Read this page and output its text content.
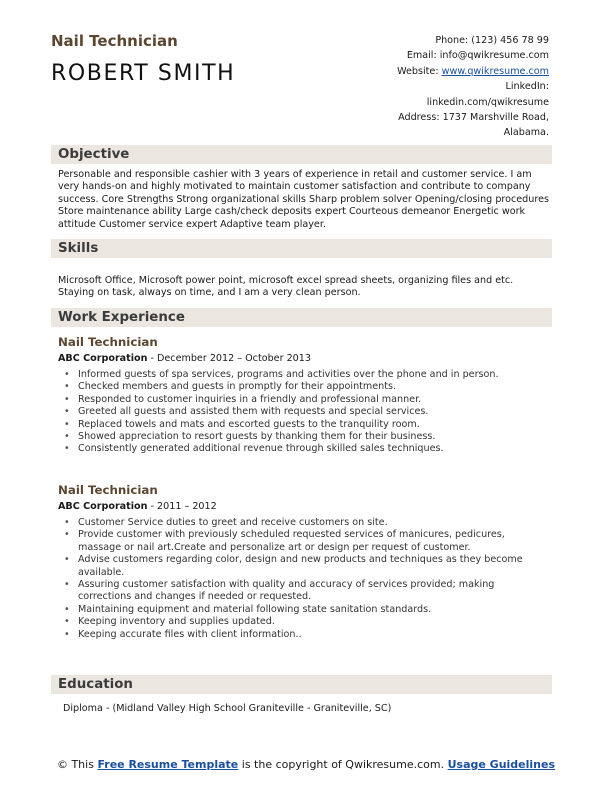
Nail Technician
ROBERT SMITH
Phone: (123) 456 78 99
Email: info@qwikresume.com
Website: www.qwikresume.com
LinkedIn:
linkedin.com/qwikresume
Address: 1737 Marshville Road,
Alabama.
Objective
Personable and responsible cashier with 3 years of experience in retail and customer service. I am very hands-on and highly motivated to maintain customer satisfaction and contribute to company success. Core Strengths Strong organizational skills Sharp problem solver Opening/closing procedures Store maintenance ability Large cash/check deposits expert Courteous demeanor Energetic work attitude Customer service expert Adaptive team player.
Skills
Microsoft Office, Microsoft power point, microsoft excel spread sheets, organizing files and etc. Staying on task, always on time, and I am a very clean person.
Work Experience
Nail Technician
ABC Corporation - December 2012 – October 2013
• Informed guests of spa services, programs and activities over the phone and in person.
• Checked members and guests in promptly for their appointments.
• Responded to customer inquiries in a friendly and professional manner.
• Greeted all guests and assisted them with requests and special services.
• Replaced towels and mats and escorted guests to the tranquility room.
• Showed appreciation to resort guests by thanking them for their business.
• Consistently generated additional revenue through skilled sales techniques.
Nail Technician
ABC Corporation - 2011 – 2012
• Customer Service duties to greet and receive customers on site.
• Provide customer with previously scheduled requested services of manicures, pedicures, massage or nail art.Create and personalize art or design per request of customer.
• Advise customers regarding color, design and new products and techniques as they become available.
• Assuring customer satisfaction with quality and accuracy of services provided; making corrections and changes if needed or requested.
• Maintaining equipment and material following state sanitation standards.
• Keeping inventory and supplies updated.
• Keeping accurate files with client information..
Education
Diploma - (Midland Valley High School Graniteville - Graniteville, SC)
© This Free Resume Template is the copyright of Qwikresume.com. Usage Guidelines
